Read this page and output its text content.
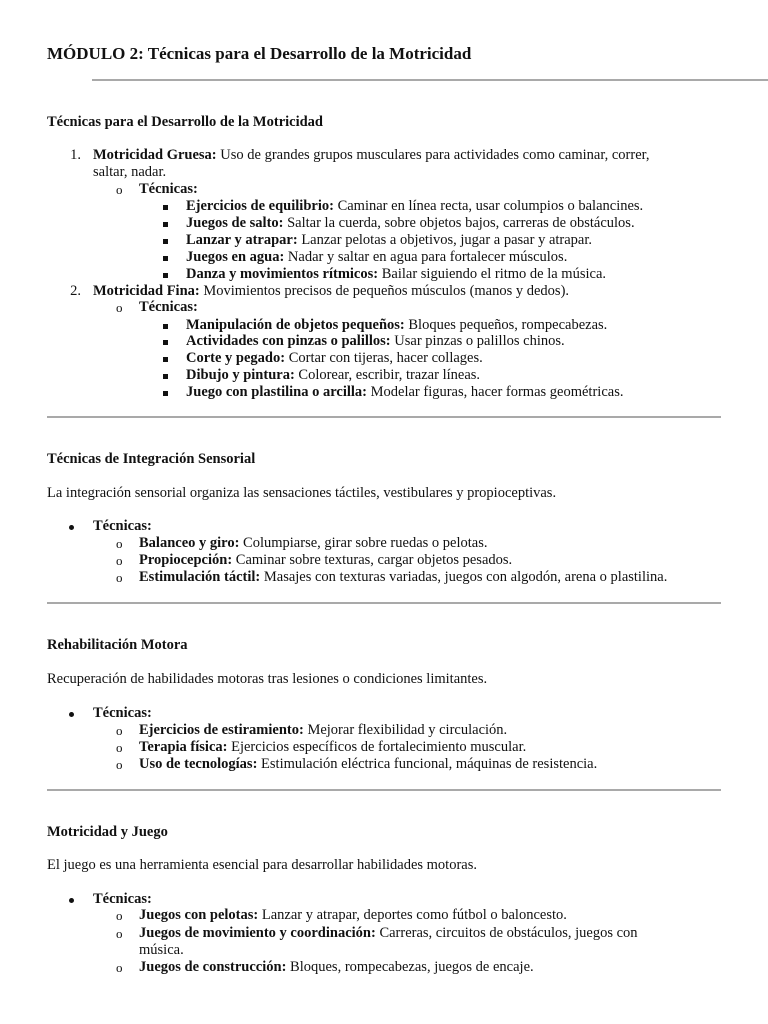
MÓDULO 2: Técnicas para el Desarrollo de la Motricidad
Técnicas para el Desarrollo de la Motricidad
1. Motricidad Gruesa: Uso de grandes grupos musculares para actividades como caminar, correr,
saltar, nadar.
o Técnicas:
Ejercicios de equilibrio: Caminar en línea recta, usar columpios o balancines.
Juegos de salto: Saltar la cuerda, sobre objetos bajos, carreras de obstáculos.
Lanzar y atrapar: Lanzar pelotas a objetivos, jugar a pasar y atrapar.
Juegos en agua: Nadar y saltar en agua para fortalecer músculos.
Danza y movimientos rítmicos: Bailar siguiendo el ritmo de la música.
2. Motricidad Fina: Movimientos precisos de pequeños músculos (manos y dedos).
o Técnicas:
Manipulación de objetos pequeños: Bloques pequeños, rompecabezas.
Actividades con pinzas o palillos: Usar pinzas o palillos chinos.
Corte y pegado: Cortar con tijeras, hacer collages.
Dibujo y pintura: Colorear, escribir, trazar líneas.
Juego con plastilina o arcilla: Modelar figuras, hacer formas geométricas.
Técnicas de Integración Sensorial
La integración sensorial organiza las sensaciones táctiles, vestibulares y propioceptivas.
Técnicas:
o Balanceo y giro: Columpiarse, girar sobre ruedas o pelotas.
o Propiocepción: Caminar sobre texturas, cargar objetos pesados.
o Estimulación táctil: Masajes con texturas variadas, juegos con algodón, arena o plastilina.
Rehabilitación Motora
Recuperación de habilidades motoras tras lesiones o condiciones limitantes.
Técnicas:
o Ejercicios de estiramiento: Mejorar flexibilidad y circulación.
o Terapia física: Ejercicios específicos de fortalecimiento muscular.
o Uso de tecnologías: Estimulación eléctrica funcional, máquinas de resistencia.
Motricidad y Juego
El juego es una herramienta esencial para desarrollar habilidades motoras.
Técnicas:
o Juegos con pelotas: Lanzar y atrapar, deportes como fútbol o baloncesto.
o Juegos de movimiento y coordinación: Carreras, circuitos de obstáculos, juegos con
música.
o Juegos de construcción: Bloques, rompecabezas, juegos de encaje.
